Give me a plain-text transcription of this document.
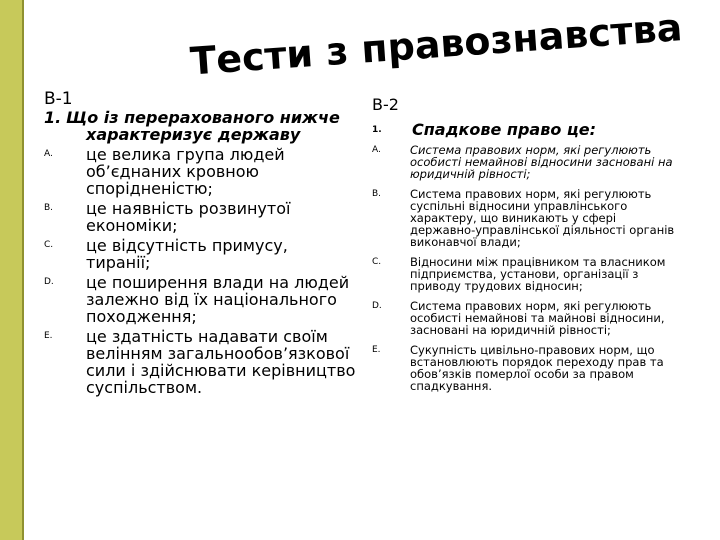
Тести з правознавства
В-1
1. Що із перерахованого нижче характеризує державу
A.	це велика група людей об’єднаних кровною спорідненістю;
B.	це наявність розвинутої економіки;
C.	це відсутність примусу, тиранії;
D.	це поширення влади на людей залежно від їх національного походження;
E.	це здатність надавати своїм велінням загальнообов’язкової сили і здійснювати керівництво суспільством.
В-2
1.	Спадкове право це:
A.	Система правових норм, які регулюють особисті немайнові відносини засновані на юридичній рівності;
B.	Система правових норм, які регулюють суспільні відносини управлінського характеру, що виникають у сфері державно-управлінської діяльності органів виконавчої влади;
C.	Відносини між працівником та власником підприємства, установи, організації з приводу трудових відносин;
D.	Система правових норм, які регулюють особисті немайнові та майнові відносини, засновані на юридичній рівності;
E.	Сукупність цивільно-правових норм, що встановлюють порядок переходу прав та обов’язків померлої особи за правом спадкування.
